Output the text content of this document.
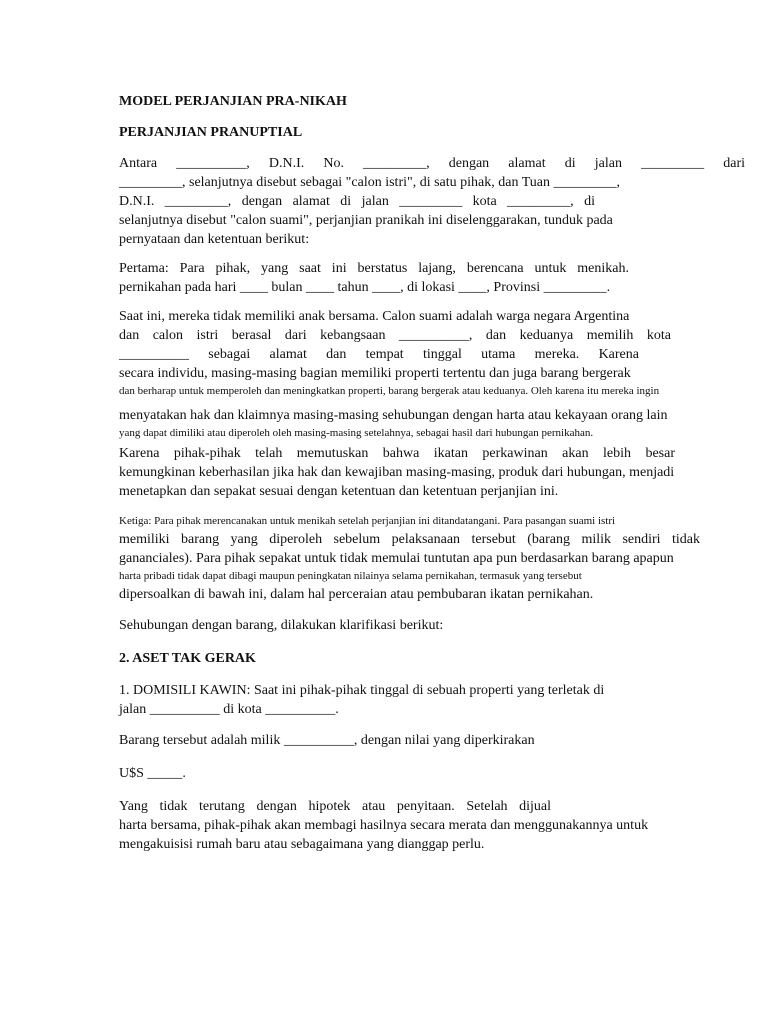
MODEL PERJANJIAN PRA-NIKAH
PERJANJIAN PRANUPTIAL
Antara __________, D.N.I. No. _________, dengan alamat di jalan _________ dari
_________, selanjutnya disebut sebagai "calon istri", di satu pihak, dan Tuan _________,
D.N.I. _________, dengan alamat di jalan _________ kota _________, di
selanjutnya disebut "calon suami", perjanjian pranikah ini diselenggarakan, tunduk pada
pernyataan dan ketentuan berikut:
Pertama: Para pihak, yang saat ini berstatus lajang, berencana untuk menikah.
pernikahan pada hari ____ bulan ____ tahun ____, di lokasi ____, Provinsi _________.
Saat ini, mereka tidak memiliki anak bersama. Calon suami adalah warga negara Argentina
dan calon istri berasal dari kebangsaan __________, dan keduanya memilih kota
__________ sebagai alamat dan tempat tinggal utama mereka. Karena
secara individu, masing-masing bagian memiliki properti tertentu dan juga barang bergerak
dan berharap untuk memperoleh dan meningkatkan properti, barang bergerak atau keduanya. Oleh karena itu mereka ingin
menyatakan hak dan klaimnya masing-masing sehubungan dengan harta atau kekayaan orang lain
yang dapat dimiliki atau diperoleh oleh masing-masing setelahnya, sebagai hasil dari hubungan pernikahan.
Karena pihak-pihak telah memutuskan bahwa ikatan perkawinan akan lebih besar
kemungkinan keberhasilan jika hak dan kewajiban masing-masing, produk dari hubungan, menjadi
menetapkan dan sepakat sesuai dengan ketentuan dan ketentuan perjanjian ini.
Ketiga: Para pihak merencanakan untuk menikah setelah perjanjian ini ditandatangani. Para pasangan suami istri
memiliki barang yang diperoleh sebelum pelaksanaan tersebut (barang milik sendiri tidak
gananciales). Para pihak sepakat untuk tidak memulai tuntutan apa pun berdasarkan barang apapun
harta pribadi tidak dapat dibagi maupun peningkatan nilainya selama pernikahan, termasuk yang tersebut
dipersoalkan di bawah ini, dalam hal perceraian atau pembubaran ikatan pernikahan.
Sehubungan dengan barang, dilakukan klarifikasi berikut:
2. ASET TAK GERAK
1. DOMISILI KAWIN: Saat ini pihak-pihak tinggal di sebuah properti yang terletak di
jalan __________ di kota __________.
Barang tersebut adalah milik __________, dengan nilai yang diperkirakan
U$S _____.
Yang tidak terutang dengan hipotek atau penyitaan. Setelah dijual
harta bersama, pihak-pihak akan membagi hasilnya secara merata dan menggunakannya untuk
mengakuisisi rumah baru atau sebagaimana yang dianggap perlu.
